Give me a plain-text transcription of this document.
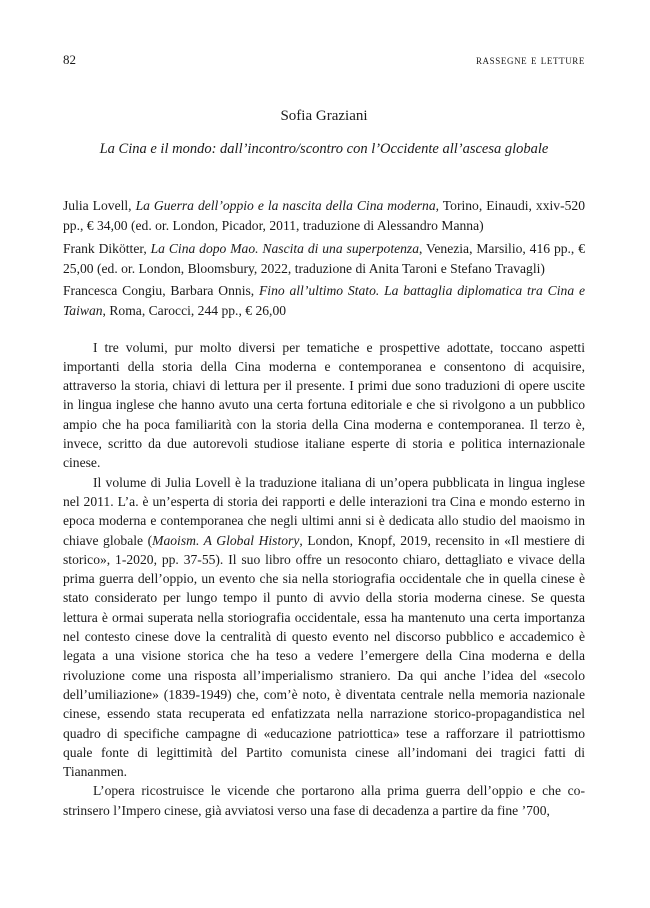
82	rassegne e letture
Sofia Graziani
La Cina e il mondo: dall’incontro/scontro con l’Occidente all’ascesa globale

Julia Lovell, La Guerra dell’oppio e la nascita della Cina moderna, Torino, Einaudi, xxiv-520 pp., € 34,00 (ed. or. London, Picador, 2011, traduzione di Alessandro Manna)

Frank Dikötter, La Cina dopo Mao. Nascita di una superpotenza, Venezia, Marsilio, 416 pp., € 25,00 (ed. or. London, Bloomsbury, 2022, traduzione di Anita Taroni e Stefano Travagli)

Francesca Congiu, Barbara Onnis, Fino all’ultimo Stato. La battaglia diplomatica tra Cina e Taiwan, Roma, Carocci, 244 pp., € 26,00

I tre volumi, pur molto diversi per tematiche e prospettive adottate, toccano aspetti importanti della storia della Cina moderna e contemporanea e consentono di acquisire, attraverso la storia, chiavi di lettura per il presente. I primi due sono traduzioni di opere uscite in lingua inglese che hanno avuto una certa fortuna editoriale e che si rivolgono a un pubblico ampio che ha poca familiarità con la storia della Cina moderna e contemporanea. Il terzo è, invece, scritto da due autorevoli studiose italiane esperte di storia e politica internazionale cinese.

Il volume di Julia Lovell è la traduzione italiana di un’opera pubblicata in lingua inglese nel 2011. L’a. è un’esperta di storia dei rapporti e delle interazioni tra Cina e mondo esterno in epoca moderna e contemporanea che negli ultimi anni si è dedicata allo studio del maoismo in chiave globale (Maoism. A Global History, London, Knopf, 2019, recensito in «Il mestiere di storico», 1-2020, pp. 37-55). Il suo libro offre un resoconto chiaro, dettagliato e vivace della prima guerra dell’oppio, un evento che sia nella storiografia occidentale che in quella cinese è stato considerato per lungo tempo il punto di avvio della storia moderna cinese. Se questa lettura è ormai superata nella storiografia occidentale, essa ha mantenuto una certa importanza nel contesto cinese dove la centralità di questo evento nel discorso pubblico e accademico è legata a una visione storica che ha teso a vedere l’emergere della Cina moderna e della rivoluzione come una risposta all’imperialismo straniero. Da qui anche l’idea del «secolo dell’umiliazione» (1839-1949) che, com’è noto, è diventata centrale nella memoria nazionale cinese, essendo stata recuperata ed enfatizzata nella narrazione storico-propagandistica nel quadro di specifiche campagne di «educazione patriottica» tese a rafforzare il patriottismo quale fonte di legittimità del Partito comunista cinese all’indomani dei tragici fatti di Tiananmen.

L’opera ricostruisce le vicende che portarono alla prima guerra dell’oppio e che costrinsero l’Impero cinese, già avviatosi verso una fase di decadenza a partire da fine ’700,
